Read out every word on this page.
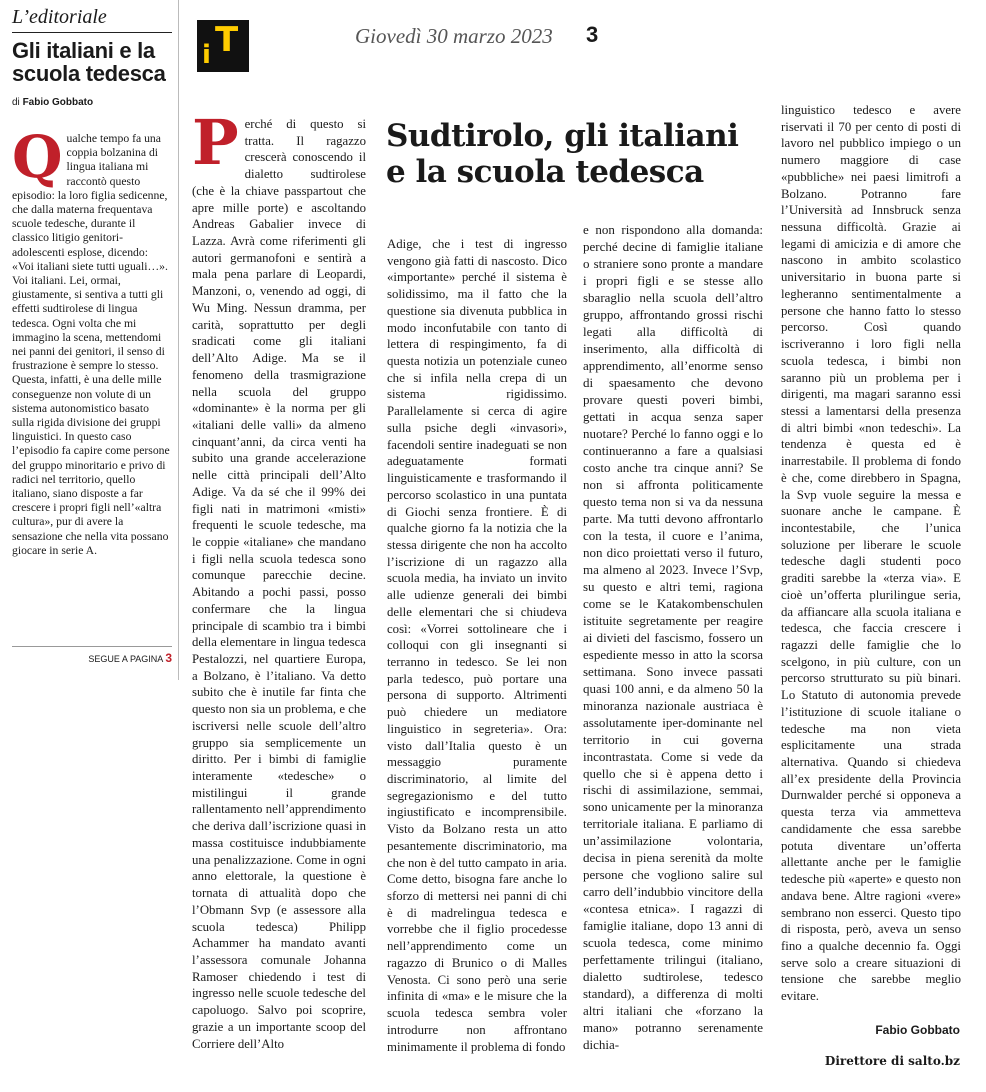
L’editoriale

Gli italiani e la scuola tedesca

di Fabio Gobbato

Qualche tempo fa una coppia bolzanina di lingua italiana mi raccontò questo episodio: la loro figlia sedicenne, che dalla materna frequentava scuole tedesche, durante il classico litigio genitori-adolescenti esplose, dicendo: «Voi italiani siete tutti uguali…». Voi italiani. Lei, ormai, giustamente, si sentiva a tutti gli effetti sudtirolese di lingua tedesca. Ogni volta che mi immagino la scena, mettendomi nei panni dei genitori, il senso di frustrazione è sempre lo stesso. Questa, infatti, è una delle mille conseguenze non volute di un sistema autonomistico basato sulla rigida divisione dei gruppi linguistici. In questo caso l’episodio fa capire come persone del gruppo minoritario e privo di radici nel territorio, quello italiano, siano disposte a far crescere i propri figli nell’«altra cultura», pur di avere la sensazione che nella vita possano giocare in serie A.

SEGUE A PAGINA 3
T
i
Giovedì 30 marzo 2023 3
Sudtirolo, gli italiani e la scuola tedesca
Perché di questo si tratta. Il ragazzo crescerà conoscendo il dialetto sudtirolese (che è la chiave passpartout che apre mille porte) e ascoltando Andreas Gabalier invece di Lazza. Avrà come riferimenti gli autori germanofoni e sentirà a mala pena parlare di Leopardi, Manzoni, o, venendo ad oggi, di Wu Ming. Nessun dramma, per carità, soprattutto per degli sradicati come gli italiani dell’Alto Adige. Ma se il fenomeno della trasmigrazione nella scuola del gruppo «dominante» è la norma per gli «italiani delle valli» da almeno cinquant’anni, da circa venti ha subito una grande accelerazione nelle città principali dell’Alto Adige. Va da sé che il 99% dei figli nati in matrimoni «misti» frequenti le scuole tedesche, ma le coppie «italiane» che mandano i figli nella scuola tedesca sono comunque parecchie decine. Abitando a pochi passi, posso confermare che la lingua principale di scambio tra i bimbi della elementare in lingua tedesca Pestalozzi, nel quartiere Europa, a Bolzano, è l’italiano. Va detto subito che è inutile far finta che questo non sia un problema, e che iscriversi nelle scuole dell’altro gruppo sia semplicemente un diritto. Per i bimbi di famiglie interamente «tedesche» o mistilingui il grande rallentamento nell’apprendimento che deriva dall’iscrizione quasi in massa costituisce indubbiamente una penalizzazione. Come in ogni anno elettorale, la questione è tornata di attualità dopo che l’Obmann Svp (e assessore alla scuola tedesca) Philipp Achammer ha mandato avanti l’assessora comunale Johanna Ramoser chiedendo i test di ingresso nelle scuole tedesche del capoluogo. Salvo poi scoprire, grazie a un importante scoop del Corriere dell’Alto
Adige, che i test di ingresso vengono già fatti di nascosto. Dico «importante» perché il sistema è solidissimo, ma il fatto che la questione sia divenuta pubblica in modo inconfutabile con tanto di lettera di respingimento, fa di questa notizia un potenziale cuneo che si infila nella crepa di un sistema rigidissimo. Parallelamente si cerca di agire sulla psiche degli «invasori», facendoli sentire inadeguati se non adeguatamente formati linguisticamente e trasformando il percorso scolastico in una puntata di Giochi senza frontiere. È di qualche giorno fa la notizia che la stessa dirigente che non ha accolto l’iscrizione di un ragazzo alla scuola media, ha inviato un invito alle udienze generali dei bimbi delle elementari che si chiudeva così: «Vorrei sottolineare che i colloqui con gli insegnanti si terranno in tedesco. Se lei non parla tedesco, può portare una persona di supporto. Altrimenti può chiedere un mediatore linguistico in segreteria». Ora: visto dall’Italia questo è un messaggio puramente discriminatorio, al limite del segregazionismo e del tutto ingiustificato e incomprensibile. Visto da Bolzano resta un atto pesantemente discriminatorio, ma che non è del tutto campato in aria. Come detto, bisogna fare anche lo sforzo di mettersi nei panni di chi è di madrelingua tedesca e vorrebbe che il figlio procedesse nell’apprendimento come un ragazzo di Brunico o di Malles Venosta. Ci sono però una serie infinita di «ma» e le misure che la scuola tedesca sembra voler introdurre non affrontano minimamente il problema di fondo
e non rispondono alla domanda: perché decine di famiglie italiane o straniere sono pronte a mandare i propri figli e se stesse allo sbaraglio nella scuola dell’altro gruppo, affrontando grossi rischi legati alla difficoltà di inserimento, alla difficoltà di apprendimento, all’enorme senso di spaesamento che devono provare questi poveri bimbi, gettati in acqua senza saper nuotare? Perché lo fanno oggi e lo continueranno a fare a qualsiasi costo anche tra cinque anni? Se non si affronta politicamente questo tema non si va da nessuna parte. Ma tutti devono affrontarlo con la testa, il cuore e l’anima, non dico proiettati verso il futuro, ma almeno al 2023. Invece l’Svp, su questo e altri temi, ragiona come se le Katakombenschulen istituite segretamente per reagire ai divieti del fascismo, fossero un espediente messo in atto la scorsa settimana. Sono invece passati quasi 100 anni, e da almeno 50 la minoranza nazionale austriaca è assolutamente iper-dominante nel territorio in cui governa incontrastata. Come si vede da quello che si è appena detto i rischi di assimilazione, semmai, sono unicamente per la minoranza territoriale italiana. E parliamo di un’assimilazione volontaria, decisa in piena serenità da molte persone che vogliono salire sul carro dell’indubbio vincitore della «contesa etnica». I ragazzi di famiglie italiane, dopo 13 anni di scuola tedesca, come minimo perfettamente trilingui (italiano, dialetto sudtirolese, tedesco standard), a differenza di molti altri italiani che «forzano la mano» potranno serenamente dichia-
linguistico tedesco e avere riservati il 70 per cento di posti di lavoro nel pubblico impiego o un numero maggiore di case «pubbliche» nei paesi limitrofi a Bolzano. Potranno fare l’Università ad Innsbruck senza nessuna difficoltà. Grazie ai legami di amicizia e di amore che nascono in ambito scolastico universitario in buona parte si legheranno sentimentalmente a persone che hanno fatto lo stesso percorso. Così quando iscriveranno i loro figli nella scuola tedesca, i bimbi non saranno più un problema per i dirigenti, ma magari saranno essi stessi a lamentarsi della presenza di altri bimbi «non tedeschi». La tendenza è questa ed è inarrestabile. Il problema di fondo è che, come direbbero in Spagna, la Svp vuole seguire la messa e suonare anche le campane. È incontestabile, che l’unica soluzione per liberare le scuole tedesche dagli studenti poco graditi sarebbe la «terza via». E cioè un’offerta plurilingue seria, da affiancare alla scuola italiana e tedesca, che faccia crescere i ragazzi delle famiglie che lo scelgono, in più culture, con un percorso strutturato su più binari. Lo Statuto di autonomia prevede l’istituzione di scuole italiane o tedesche ma non vieta esplicitamente una strada alternativa. Quando si chiedeva all’ex presidente della Provincia Durnwalder perché si opponeva a questa terza via ammetteva candidamente che essa sarebbe potuta diventare un’offerta allettante anche per le famiglie tedesche più «aperte» e questo non andava bene. Altre ragioni «vere» sembrano non esserci. Questo tipo di risposta, però, aveva un senso fino a qualche decennio fa. Oggi serve solo a creare situazioni di tensione che sarebbe meglio evitare.
Fabio Gobbato
Direttore di salto.bz
